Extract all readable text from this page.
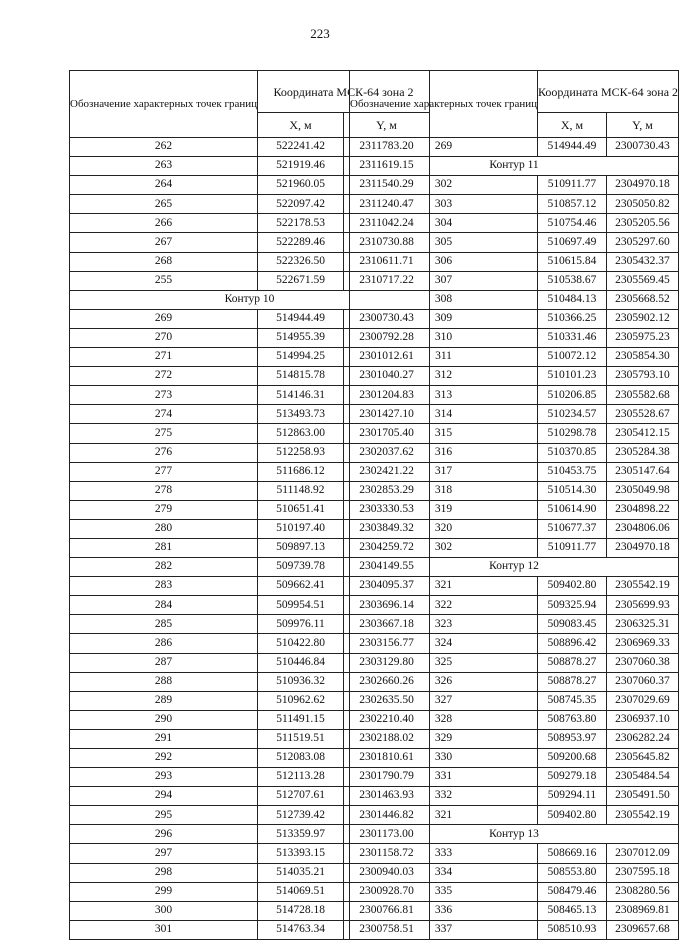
223
Обозначение характерных точек границ	Координата МСК-64 зона 2	
	X, м	Y, м
262	522241.42	2311783.20
263	521919.46	2311619.15
264	521960.05	2311540.29
265	522097.42	2311240.47
266	522178.53	2311042.24
267	522289.46	2310730.88
268	522326.50	2310611.71
255	522671.59	2310717.22
Контур 10		
269	514944.49	2300730.43
270	514955.39	2300792.28
271	514994.25	2301012.61
272	514815.78	2301040.27
273	514146.31	2301204.83
274	513493.73	2301427.10
275	512863.00	2301705.40
276	512258.93	2302037.62
277	511686.12	2302421.22
278	511148.92	2302853.29
279	510651.41	2303330.53
280	510197.40	2303849.32
281	509897.13	2304259.72
282	509739.78	2304149.55
283	509662.41	2304095.37
284	509954.51	2303696.14
285	509976.11	2303667.18
286	510422.80	2303156.77
287	510446.84	2303129.80
288	510936.32	2302660.26
289	510962.62	2302635.50
290	511491.15	2302210.40
291	511519.51	2302188.02
292	512083.08	2301810.61
293	512113.28	2301790.79
294	512707.61	2301463.93
295	512739.42	2301446.82
296	513359.97	2301173.00
297	513393.15	2301158.72
298	514035.21	2300940.03
299	514069.51	2300928.70
300	514728.18	2300766.81
301	514763.34	2300758.51
Обозначение характерных точек границ	Координата МСК-64 зона 2	
	X, м	Y, м
269	514944.49	2300730.43
Контур 11		
302	510911.77	2304970.18
303	510857.12	2305050.82
304	510754.46	2305205.56
305	510697.49	2305297.60
306	510615.84	2305432.37
307	510538.67	2305569.45
308	510484.13	2305668.52
309	510366.25	2305902.12
310	510331.46	2305975.23
311	510072.12	2305854.30
312	510101.23	2305793.10
313	510206.85	2305582.68
314	510234.57	2305528.67
315	510298.78	2305412.15
316	510370.85	2305284.38
317	510453.75	2305147.64
318	510514.30	2305049.98
319	510614.90	2304898.22
320	510677.37	2304806.06
302	510911.77	2304970.18
Контур 12		
321	509402.80	2305542.19
322	509325.94	2305699.93
323	509083.45	2306325.31
324	508896.42	2306969.33
325	508878.27	2307060.38
326	508878.27	2307060.37
327	508745.35	2307029.69
328	508763.80	2306937.10
329	508953.97	2306282.24
330	509200.68	2305645.82
331	509279.18	2305484.54
332	509294.11	2305491.50
321	509402.80	2305542.19
Контур 13		
333	508669.16	2307012.09
334	508553.80	2307595.18
335	508479.46	2308280.56
336	508465.13	2308969.81
337	508510.93	2309657.68
